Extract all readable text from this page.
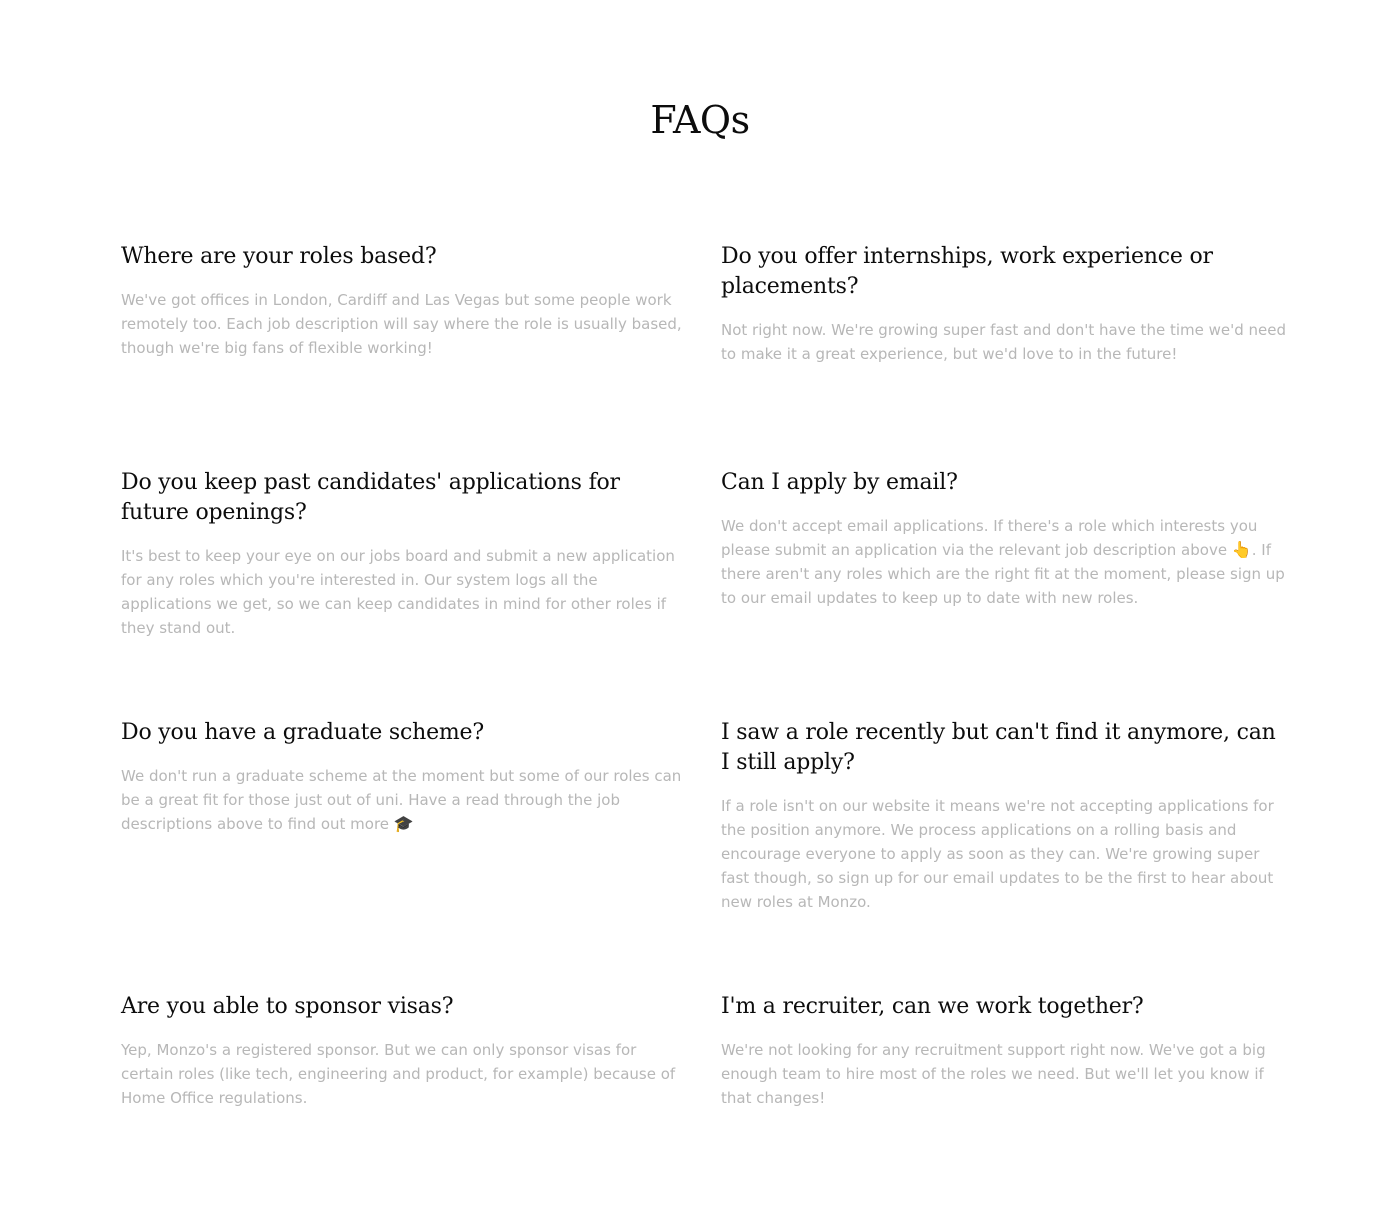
FAQs
Where are your roles based?

We've got offices in London, Cardiff and Las Vegas but some people work remotely too. Each job description will say where the role is usually based, though we're big fans of flexible working!

Do you offer internships, work experience or placements?

Not right now. We're growing super fast and don't have the time we'd need to make it a great experience, but we'd love to in the future!

Do you keep past candidates' applications for future openings?

It's best to keep your eye on our jobs board and submit a new application for any roles which you're interested in. Our system logs all the applications we get, so we can keep candidates in mind for other roles if they stand out.

Can I apply by email?

We don't accept email applications. If there's a role which interests you please submit an application via the relevant job description above 👆. If there aren't any roles which are the right fit at the moment, please sign up to our email updates to keep up to date with new roles.

Do you have a graduate scheme?

We don't run a graduate scheme at the moment but some of our roles can be a great fit for those just out of uni. Have a read through the job descriptions above to find out more 🎓

I saw a role recently but can't find it anymore, can I still apply?

If a role isn't on our website it means we're not accepting applications for the position anymore. We process applications on a rolling basis and encourage everyone to apply as soon as they can. We're growing super fast though, so sign up for our email updates to be the first to hear about new roles at Monzo.

Are you able to sponsor visas?

Yep, Monzo's a registered sponsor. But we can only sponsor visas for certain roles (like tech, engineering and product, for example) because of Home Office regulations.

I'm a recruiter, can we work together?

We're not looking for any recruitment support right now. We've got a big enough team to hire most of the roles we need. But we'll let you know if that changes!
